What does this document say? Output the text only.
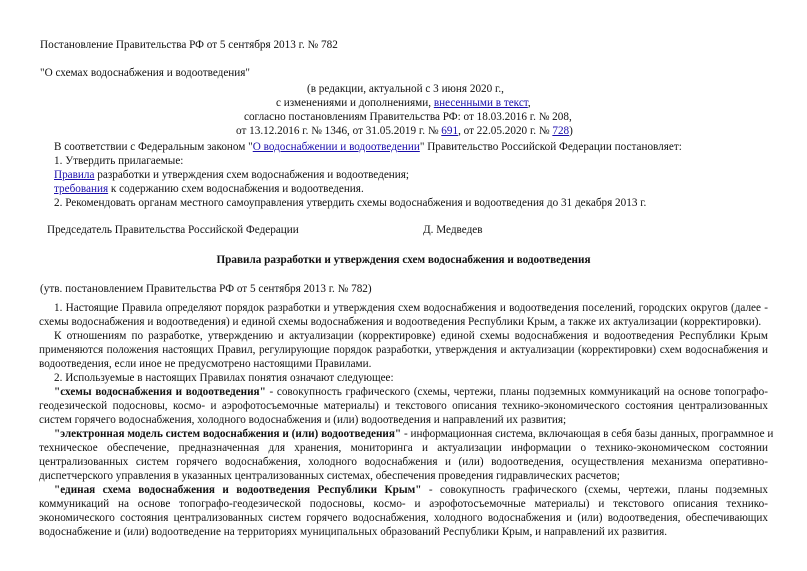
Постановление Правительства РФ от 5 сентября 2013 г. № 782
"О схемах водоснабжения и водоотведения"
(в редакции, актуальной с 3 июня 2020 г.,
с изменениями и дополнениями, внесенными в текст,
согласно постановлениям Правительства РФ: от 18.03.2016 г. № 208,
от 13.12.2016 г. № 1346, от 31.05.2019 г. № 691, от 22.05.2020 г. № 728)
В соответствии с Федеральным законом "О водоснабжении и водоотведении" Правительство Российской Федерации постановляет:
1. Утвердить прилагаемые:
Правила разработки и утверждения схем водоснабжения и водоотведения;
требования к содержанию схем водоснабжения и водоотведения.
2. Рекомендовать органам местного самоуправления утвердить схемы водоснабжения и водоотведения до 31 декабря 2013 г.
Председатель Правительства Российской Федерации	Д. Медведев
Правила разработки и утверждения схем водоснабжения и водоотведения
(утв. постановлением Правительства РФ от 5 сентября 2013 г. № 782)
1. Настоящие Правила определяют порядок разработки и утверждения схем водоснабжения и водоотведения поселений, городских округов (далее -
схемы водоснабжения и водоотведения) и единой схемы водоснабжения и водоотведения Республики Крым, а также их актуализации (корректировки).
К отношениям по разработке, утверждению и актуализации (корректировке) единой схемы водоснабжения и водоотведения Республики Крым
применяются положения настоящих Правил, регулирующие порядок разработки, утверждения и актуализации (корректировки) схем водоснабжения и
водоотведения, если иное не предусмотрено настоящими Правилами.
2. Используемые в настоящих Правилах понятия означают следующее:
"схемы водоснабжения и водоотведения" - совокупность графического (схемы, чертежи, планы подземных коммуникаций на основе топографо-
геодезической подосновы, космо- и аэрофотосъемочные материалы) и текстового описания технико-экономического состояния централизованных
систем горячего водоснабжения, холодного водоснабжения и (или) водоотведения и направлений их развития;
"электронная модель систем водоснабжения и (или) водоотведения" - информационная система, включающая в себя базы данных, программное и
техническое обеспечение, предназначенная для хранения, мониторинга и актуализации информации о технико-экономическом состоянии
централизованных систем горячего водоснабжения, холодного водоснабжения и (или) водоотведения, осуществления механизма оперативно-
диспетчерского управления в указанных централизованных системах, обеспечения проведения гидравлических расчетов;
"единая схема водоснабжения и водоотведения Республики Крым" - совокупность графического (схемы, чертежи, планы подземных
коммуникаций на основе топографо-геодезической подосновы, космо- и аэрофотосъемочные материалы) и текстового описания технико-
экономического состояния централизованных систем горячего водоснабжения, холодного водоснабжения и (или) водоотведения, обеспечивающих
водоснабжение и (или) водоотведение на территориях муниципальных образований Республики Крым, и направлений их развития.
